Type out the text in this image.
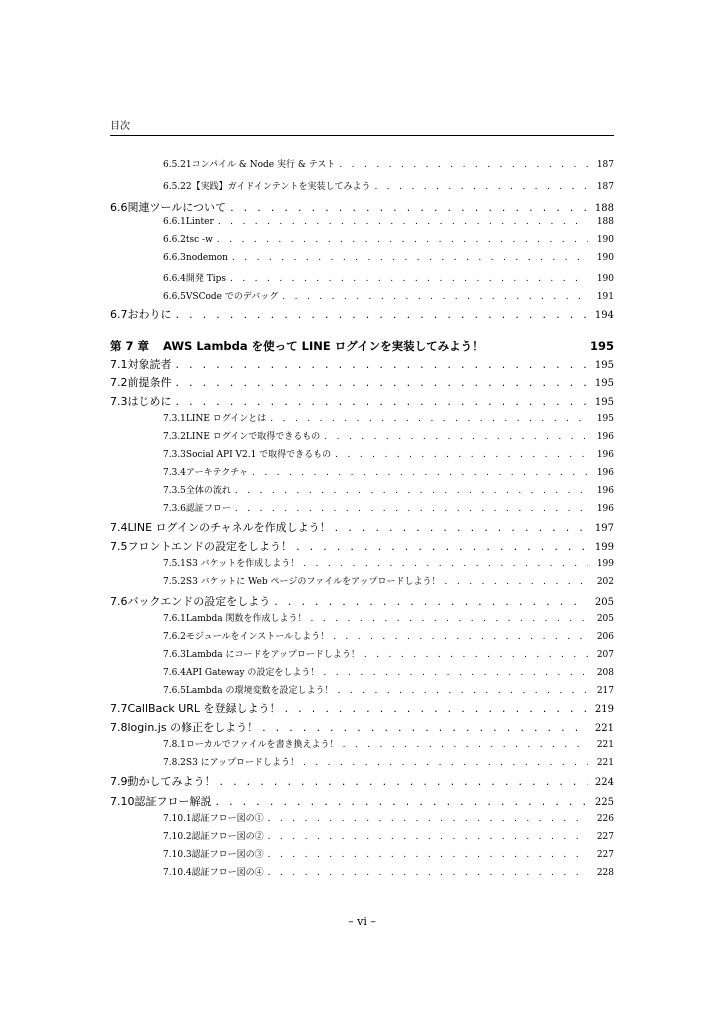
目次
6.5.21 コンパイル & Node 実行 & テスト . . .	187
6.5.22 【実践】ガイドインテントを実装してみよう . . .	187
6.6 関連ツールについて . . .	188
6.6.1 Linter . . .	188
6.6.2 tsc -w . . .	190
6.6.3 nodemon . . .	190
6.6.4 開発 Tips . . .	190
6.6.5 VSCode でのデバッグ . . .	191
6.7 おわりに . . .	194
第 7 章	AWS Lambda を使って LINE ログインを実装してみよう！	195
7.1 対象読者 . . .	195
7.2 前提条件 . . .	195
7.3 はじめに . . .	195
7.3.1 LINE ログインとは . . .	195
7.3.2 LINE ログインで取得できるもの . . .	196
7.3.3 Social API V2.1 で取得できるもの . . .	196
7.3.4 アーキテクチャ . . .	196
7.3.5 全体の流れ . . .	196
7.3.6 認証フロー . . .	196
7.4 LINE ログインのチャネルを作成しよう！ . . .	197
7.5 フロントエンドの設定をしよう！ . . .	199
7.5.1 S3 バケットを作成しよう！ . . .	199
7.5.2 S3 バケットに Web ページのファイルをアップロードしよう！ . . .	202
7.6 バックエンドの設定をしよう . . .	205
7.6.1 Lambda 関数を作成しよう！ . . .	205
7.6.2 モジュールをインストールしよう！ . . .	206
7.6.3 Lambda にコードをアップロードしよう！ . . .	207
7.6.4 API Gateway の設定をしよう！ . . .	208
7.6.5 Lambda の環境変数を設定しよう！ . . .	217
7.7 CallBack URL を登録しよう！ . . .	219
7.8 login.js の修正をしよう！ . . .	221
7.8.1 ローカルでファイルを書き換えよう！ . . .	221
7.8.2 S3 にアップロードしよう！ . . .	221
7.9 動かしてみよう！ . . .	224
7.10 認証フロー解説 . . .	225
7.10.1 認証フロー図の① . . .	226
7.10.2 認証フロー図の② . . .	227
7.10.3 認証フロー図の③ . . .	227
7.10.4 認証フロー図の④ . . .	228
– vi –
